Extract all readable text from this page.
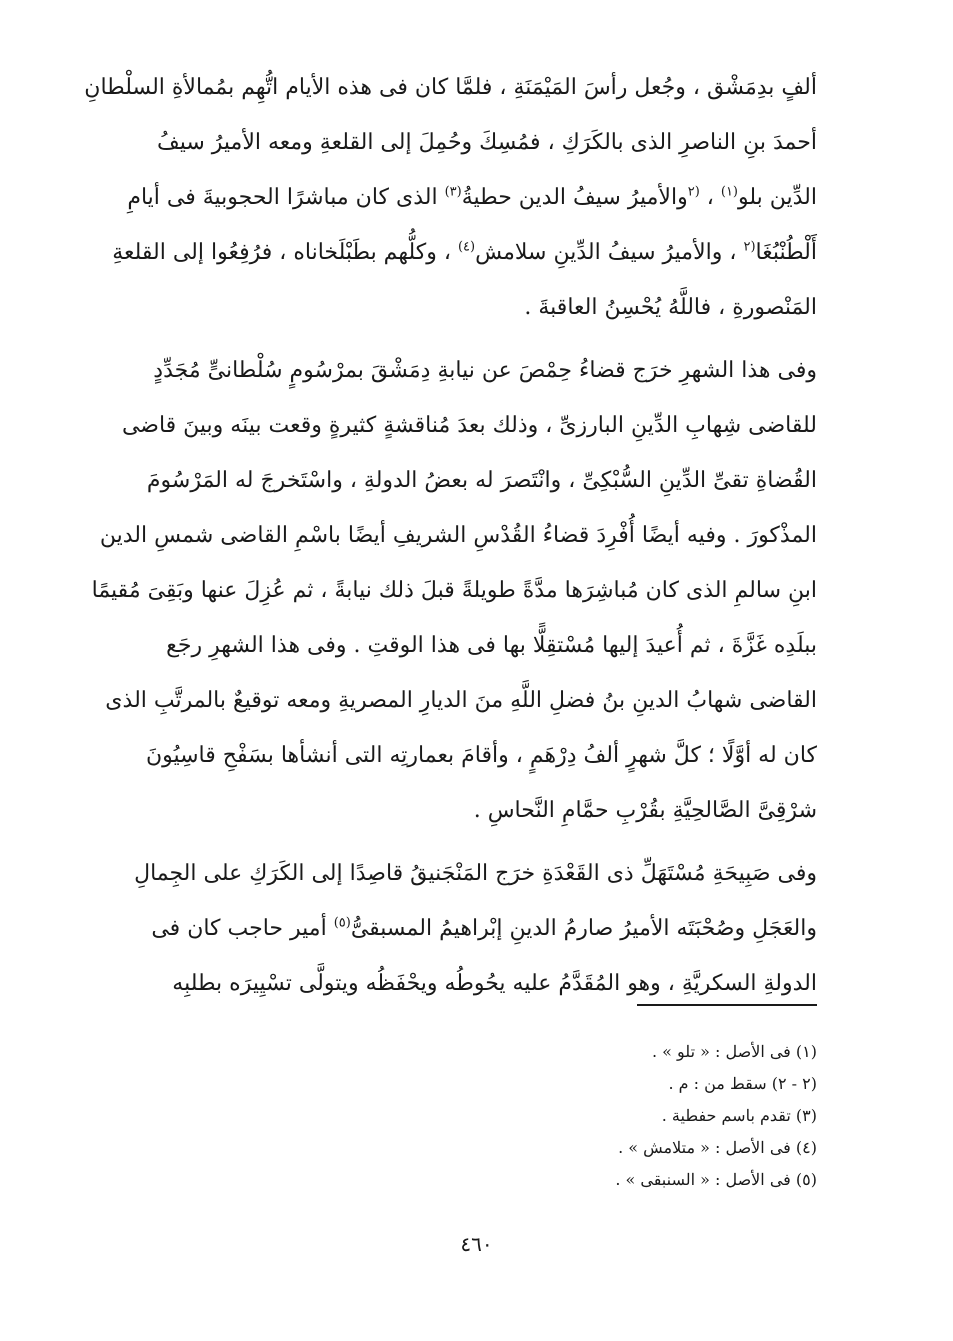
ألفٍ بدِمَشْق ، وجُعل رأسَ المَيْمَنَةِ ، فلمَّا كان فى هذه الأيام اتُّهِم بمُمالأةِ السلْطانِ
أحمدَ بنِ الناصرِ الذى بالكَرَكِ ، فمُسِكَ وحُمِلَ إلى القلعةِ ومعه الأميرُ سيفُ
الدِّين بلو$^{(١)}$ ، $^{(٢}$والأميرُ سيفُ الدين حطيةُ$^{(٣)}$ الذى كان مباشرًا الحجوبيةَ فى أيامِ
أَلْطُنْبُغَا$^{(٢}$ ، والأميرُ سيفُ الدِّينِ سلامش$^{(٤)}$ ، وكلُّهم بطَبْلَخاناه ، فرُفِعُوا إلى القلعةِ
المَنْصورةِ ، فاللَّهُ يُحْسِنُ العاقبةَ .

وفى هذا الشهرِ خرَج قضاءُ حِمْصَ عن نيابةِ دِمَشْقَ بمرْسُومٍ سُلْطانىٍّ مُجَدِّدٍ
للقاضى شِهابِ الدِّينِ البارزىِّ ، وذلك بعدَ مُناقشةٍ كثيرةٍ وقعت بينَه وبينَ قاضى
القُضاةِ تقىِّ الدِّينِ السُّبْكِىِّ ، وانْتَصرَ له بعضُ الدولةِ ، واسْتَخرجَ له المَرْسُومَ
المذْكورَ . وفيه أيضًا أُفْرِدَ قضاءُ القُدْسِ الشريفِ أيضًا باسْمِ القاضى شمسِ الدين
ابنِ سالمِ الذى كان مُباشِرَها مدَّةً طويلةً قبلَ ذلك نيابةً ، ثم عُزِلَ عنها وبَقِىَ مُقيمًا
ببلَدِه غَزَّةَ ، ثم أُعيدَ إليها مُسْتقِلًّا بها فى هذا الوقتِ . وفى هذا الشهرِ رجَع
القاضى شهابُ الدينِ بنُ فضلِ اللَّهِ منَ الديارِ المصريةِ ومعه توقيعٌ بالمرتَّبِ الذى
كان له أوَّلًا ؛ كلَّ شهرٍ ألفُ دِرْهَمٍ ، وأقامَ بعمارتِه التى أنشأها بسَفْحِ قاسِيُونَ
شرْقِىَّ الصَّالحِيَّةِ بقُرْبِ حمَّامِ النَّحاسِ .

وفى صَبِيحَةِ مُسْتَهَلِّ ذى القَعْدَةِ خرَج المَنْجَنيقُ قاصِدًا إلى الكَرَكِ على الجِمالِ
والعَجَلِ وصُحْبَتَه الأميرُ صارمُ الدينِ إبْراهيمُ المسبقىُّ$^{(٥)}$ أمير حاجب كان فى
الدولةِ السكريَّةِ ، وهو المُقَدَّمُ عليه يحُوطُه ويحْفَظُه ويتولَّى تسْيِيرَه بطلبِه

(١) فى الأصل : « تلو » .
(٢ - ٢) سقط من : م .
(٣) تقدم باسم حفطية .
(٤) فى الأصل : « متلامش » .
(٥) فى الأصل : « السنبقى » .
٤٦٠
